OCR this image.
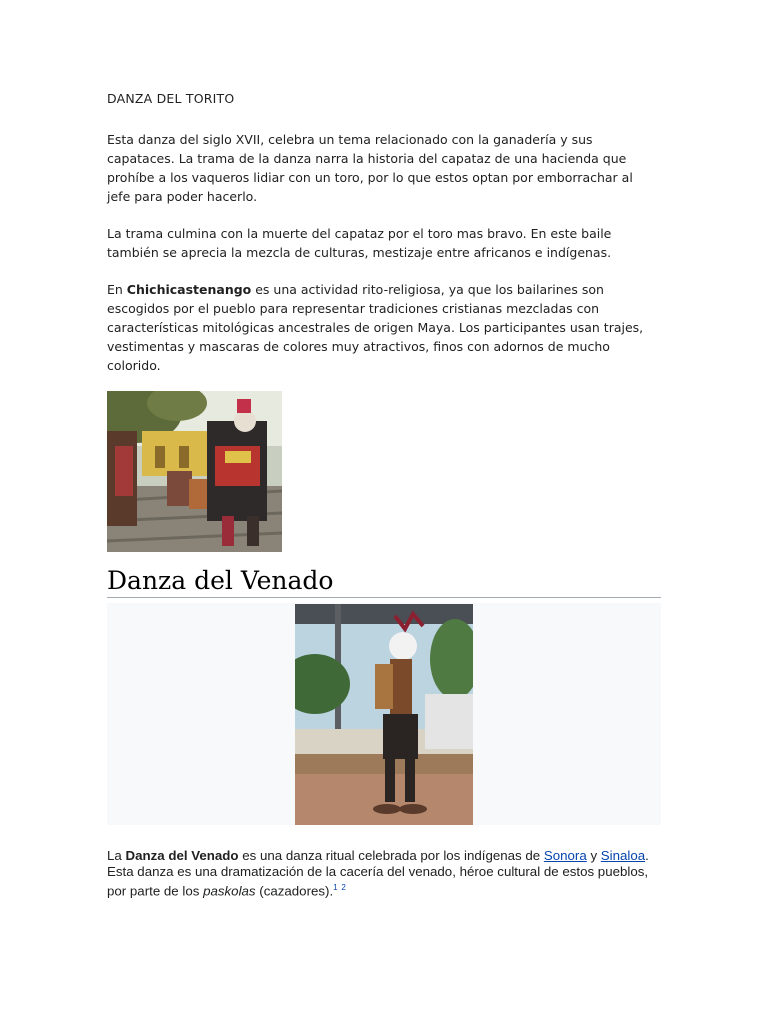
DANZA DEL TORITO

Esta danza del siglo XVII, celebra un tema relacionado con la ganadería y sus capataces. La trama de la danza narra la historia del capataz de una hacienda que prohíbe a los vaqueros lidiar con un toro, por lo que estos optan por emborrachar al jefe para poder hacerlo.

La trama culmina con la muerte del capataz por el toro mas bravo. En este baile también se aprecia la mezcla de culturas, mestizaje entre africanos e indígenas.

En Chichicastenango es una actividad rito-religiosa, ya que los bailarines son escogidos por el pueblo para representar tradiciones cristianas mezcladas con características mitológicas ancestrales de origen Maya. Los participantes usan trajes, vestimentas y mascaras de colores muy atractivos, finos con adornos de mucho colorido.

Danza del Venado

La Danza del Venado es una danza ritual celebrada por los indígenas de Sonora y Sinaloa. Esta danza es una dramatización de la cacería del venado, héroe cultural de estos pueblos, por parte de los paskolas (cazadores).$^1$ $^2$
